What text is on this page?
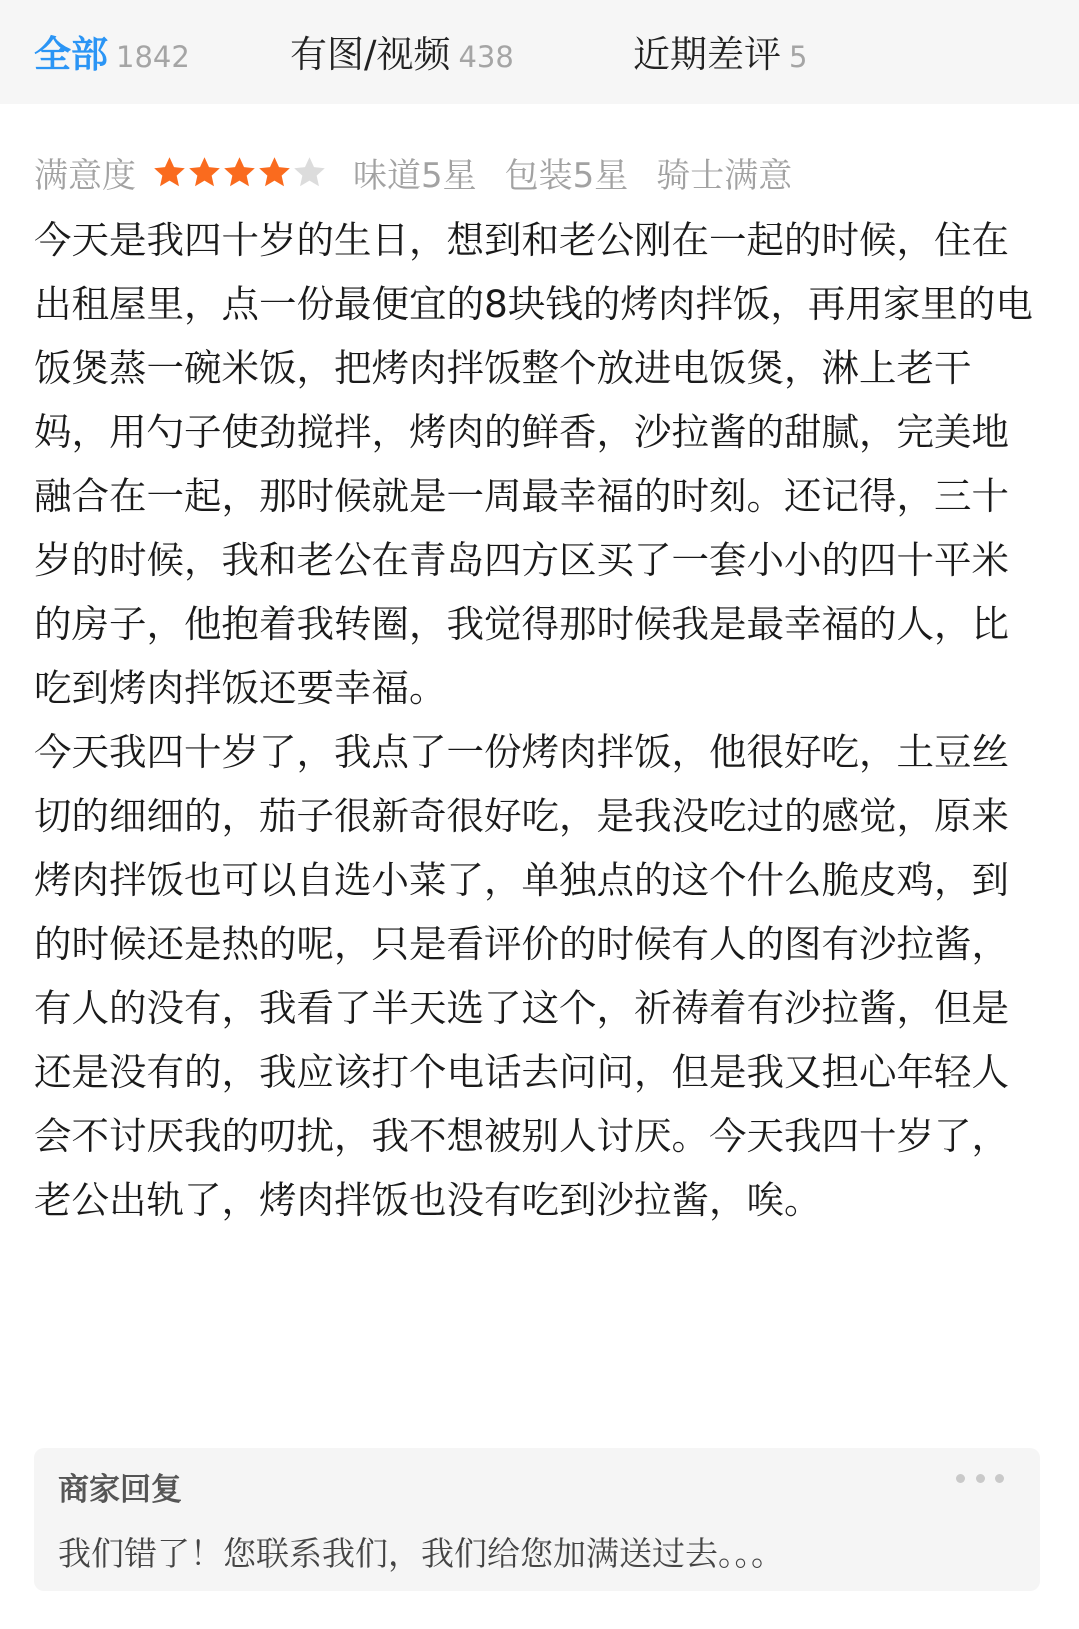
全部 1842	有图/视频 438	近期差评 5
满意度	味道5星 包装5星 骑士满意

今天是我四十岁的生日，想到和老公刚在一起的时候，住在出租屋里，点一份最便宜的8块钱的烤肉拌饭，再用家里的电饭煲蒸一碗米饭，把烤肉拌饭整个放进电饭煲，淋上老干妈，用勺子使劲搅拌，烤肉的鲜香，沙拉酱的甜腻，完美地融合在一起，那时候就是一周最幸福的时刻。还记得，三十岁的时候，我和老公在青岛四方区买了一套小小的四十平米的房子，他抱着我转圈，我觉得那时候我是最幸福的人，比吃到烤肉拌饭还要幸福。

今天我四十岁了，我点了一份烤肉拌饭，他很好吃，土豆丝切的细细的，茄子很新奇很好吃，是我没吃过的感觉，原来烤肉拌饭也可以自选小菜了，单独点的这个什么脆皮鸡，到的时候还是热的呢，只是看评价的时候有人的图有沙拉酱，有人的没有，我看了半天选了这个，祈祷着有沙拉酱，但是还是没有的，我应该打个电话去问问，但是我又担心年轻人会不讨厌我的叨扰，我不想被别人讨厌。今天我四十岁了，老公出轨了，烤肉拌饭也没有吃到沙拉酱，唉。

商家回复
我们错了！您联系我们，我们给您加满送过去。。。
